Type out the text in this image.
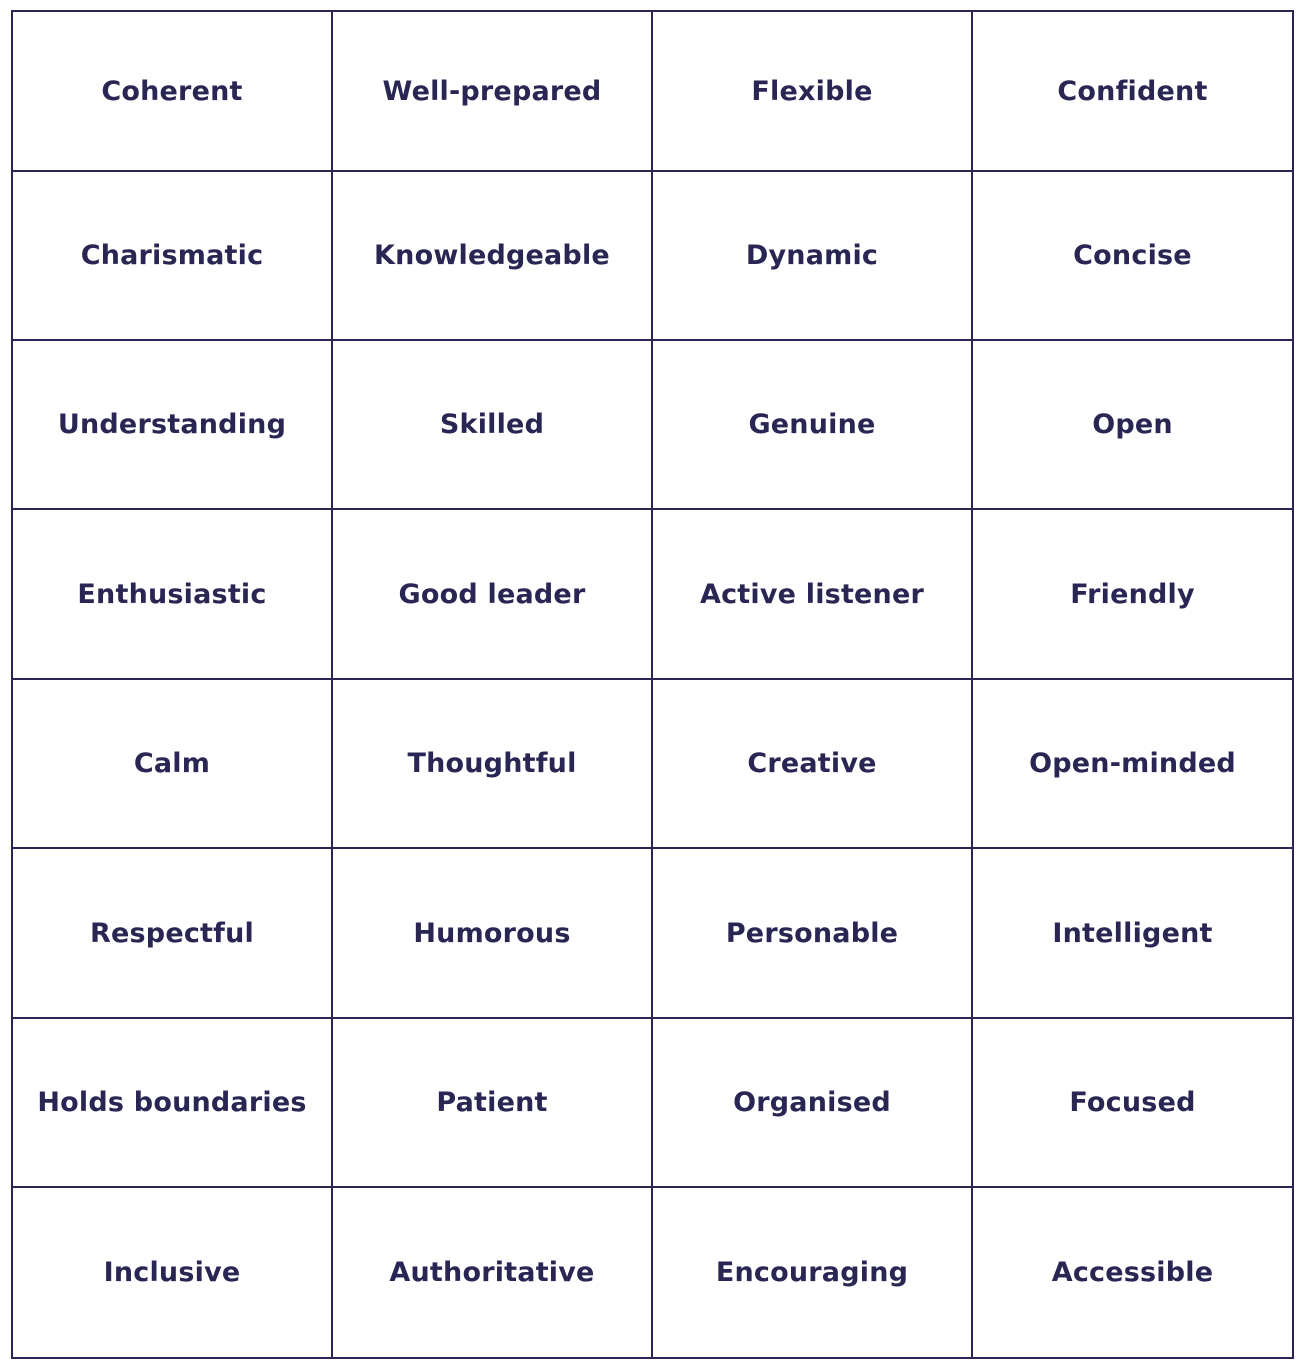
Coherent	Well-prepared	Flexible	Confident
Charismatic	Knowledgeable	Dynamic	Concise
Understanding	Skilled	Genuine	Open
Enthusiastic	Good leader	Active listener	Friendly
Calm	Thoughtful	Creative	Open-minded
Respectful	Humorous	Personable	Intelligent
Holds boundaries	Patient	Organised	Focused
Inclusive	Authoritative	Encouraging	Accessible
